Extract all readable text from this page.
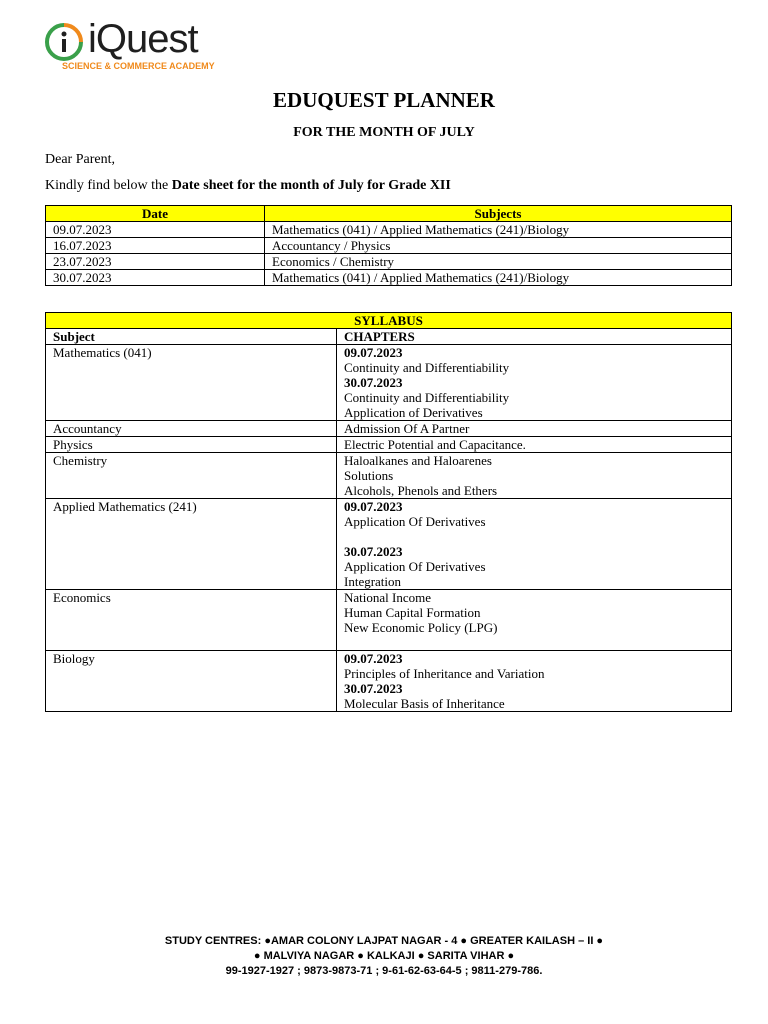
iQuest
SCIENCE & COMMERCE ACADEMY
EDUQUEST PLANNER
FOR THE MONTH OF JULY
Dear Parent,
Kindly find below the Date sheet for the month of July for Grade XII
Date	Subjects
09.07.2023	Mathematics (041) / Applied Mathematics (241)/Biology
16.07.2023	Accountancy / Physics
23.07.2023	Economics / Chemistry
30.07.2023	Mathematics (041) / Applied Mathematics (241)/Biology
SYLLABUS	
Subject	CHAPTERS
Mathematics (041)	09.07.2023
Continuity and Differentiability
30.07.2023
Continuity and Differentiability
Application of Derivatives

Accountancy	Admission Of A Partner

Physics	Electric Potential and Capacitance.

Chemistry	Haloalkanes and Haloarenes
Solutions
Alcohols, Phenols and Ethers

Applied Mathematics (241)	09.07.2023
Application Of Derivatives
30.07.2023
Application Of Derivatives
Integration

Economics	National Income
Human Capital Formation
New Economic Policy (LPG)

Biology	09.07.2023
Principles of Inheritance and Variation
30.07.2023
Molecular Basis of Inheritance
STUDY CENTRES: ●AMAR COLONY LAJPAT NAGAR - 4 ● GREATER KAILASH – II ●
● MALVIYA NAGAR ● KALKAJI ● SARITA VIHAR ●
99-1927-1927 ; 9873-9873-71 ; 9-61-62-63-64-5 ; 9811-279-786.
